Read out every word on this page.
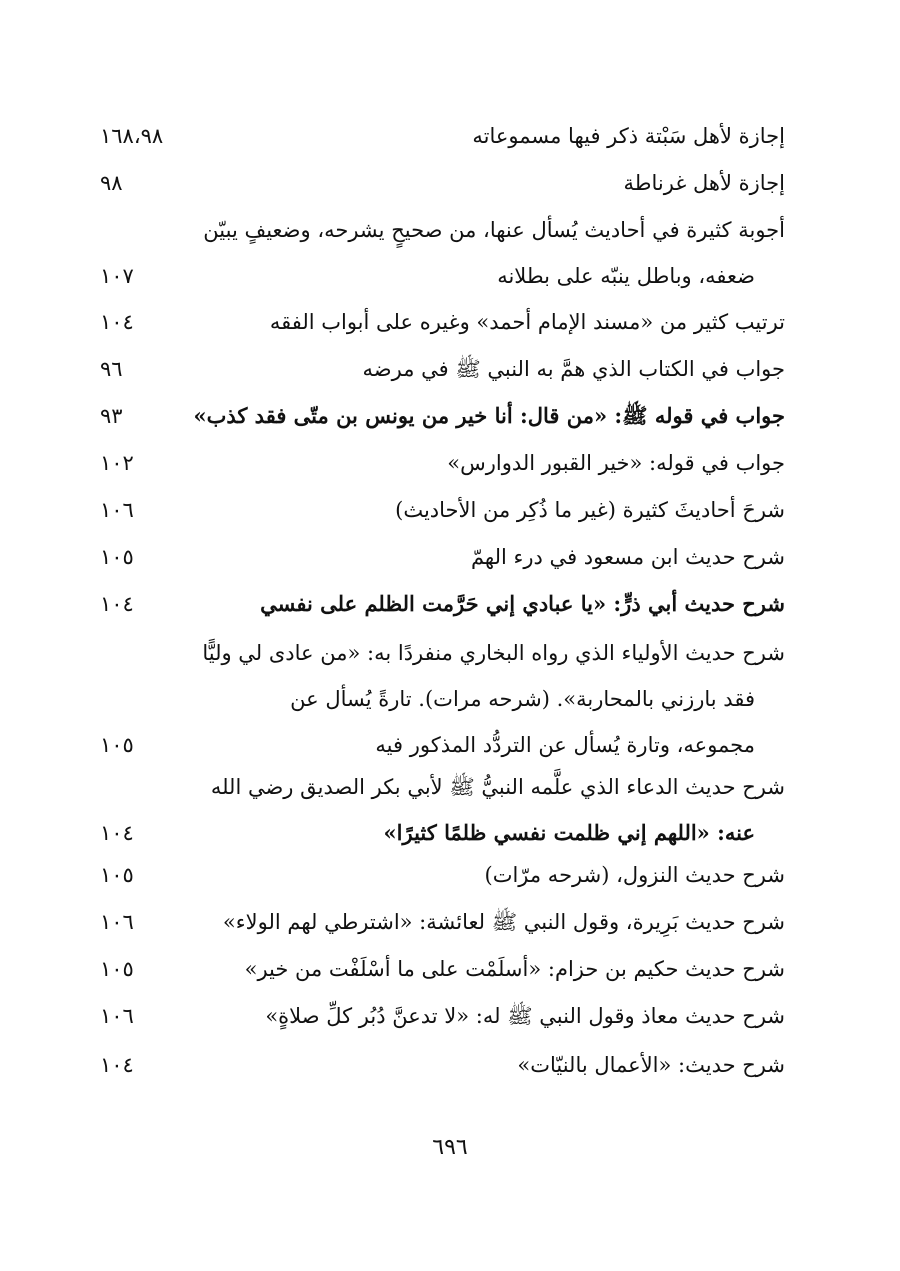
إجازة لأهل سَبْتة ذكر فيها مسموعاته
١٦٨،٩٨
إجازة لأهل غرناطة
٩٨
أجوبة كثيرة في أحاديث يُسأل عنها، من صحيحٍ يشرحه، وضعيفٍ يبيّن
ضعفه، وباطل ينبّه على بطلانه
١٠٧
ترتيب كثير من «مسند الإمام أحمد» وغيره على أبواب الفقه
١٠٤
جواب في الكتاب الذي همَّ به النبي ﷺ في مرضه
٩٦
جواب في قوله ﷺ: «من قال: أنا خير من يونس بن متّى فقد كذب»
٩٣
جواب في قوله: «خير القبور الدوارس»
١٠٢
شرحَ أحاديثَ كثيرة (غير ما ذُكِر من الأحاديث)
١٠٦
شرح حديث ابن مسعود في درء الهمّ
١٠٥
شرح حديث أبي ذرٍّ: «يا عبادي إني حَرَّمت الظلم على نفسي
١٠٤
شرح حديث الأولياء الذي رواه البخاري منفردًا به: «من عادى لي وليًّا
فقد بارزني بالمحاربة». (شرحه مرات). تارةً يُسأل عن
مجموعه، وتارة يُسأل عن التردُّد المذكور فيه
١٠٥
شرح حديث الدعاء الذي علَّمه النبيُّ ﷺ لأبي بكر الصديق رضي الله
عنه: «اللهم إني ظلمت نفسي ظلمًا كثيرًا»
١٠٤
شرح حديث النزول، (شرحه مرّات)
١٠٥
شرح حديث بَرِيرة، وقول النبي ﷺ لعائشة: «اشترطي لهم الولاء»
١٠٦
شرح حديث حكيم بن حزام: «أسلَمْت على ما أسْلَفْت من خير»
١٠٥
شرح حديث معاذ وقول النبي ﷺ له: «لا تدعنَّ دُبُر كلِّ صلاةٍ»
١٠٦
شرح حديث: «الأعمال بالنيّات»
١٠٤
٦٩٦
